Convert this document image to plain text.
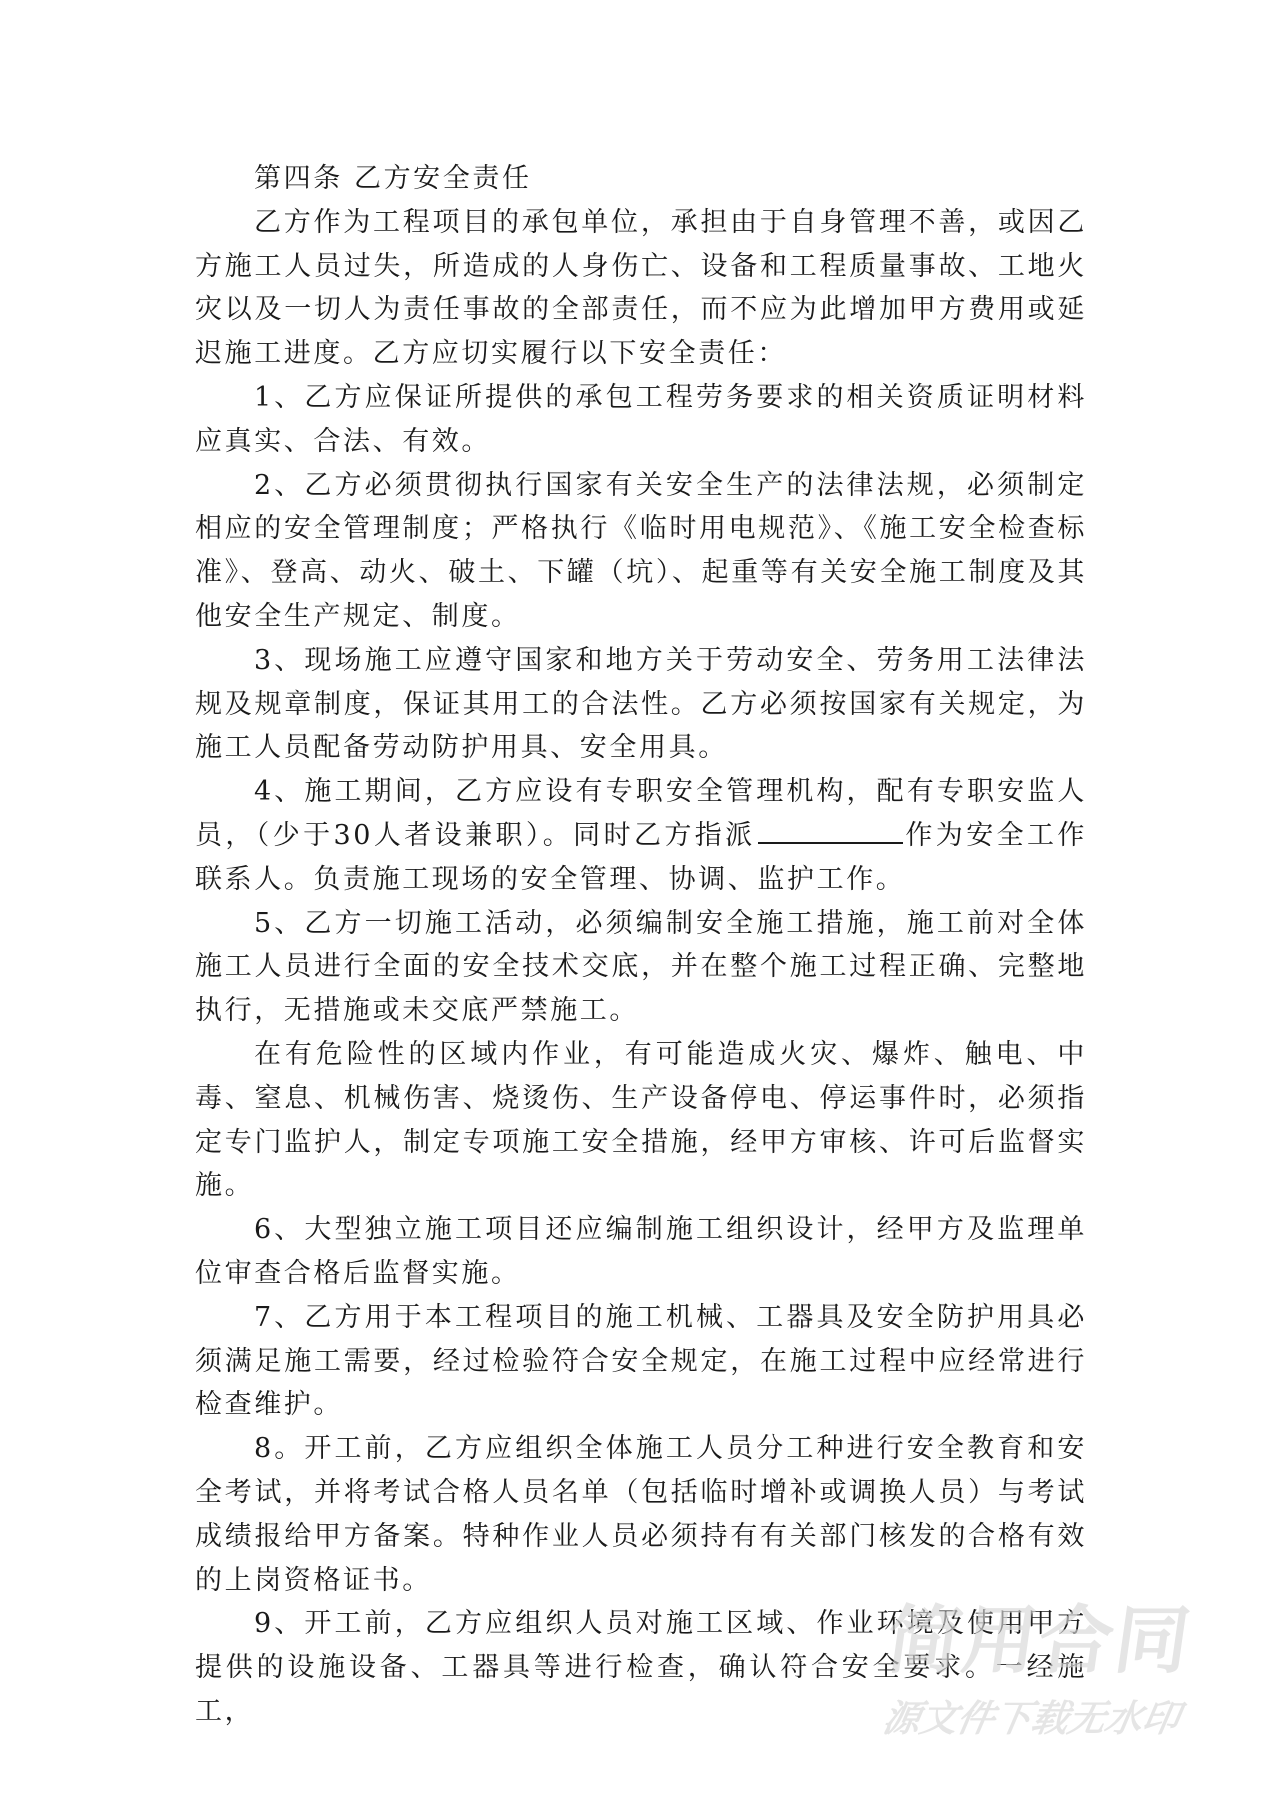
第四条 乙方安全责任

乙方作为工程项目的承包单位，承担由于自身管理不善，或因乙方施工人员过失，所造成的人身伤亡、设备和工程质量事故、工地火灾以及一切人为责任事故的全部责任，而不应为此增加甲方费用或延迟施工进度。乙方应切实履行以下安全责任：

1、乙方应保证所提供的承包工程劳务要求的相关资质证明材料应真实、合法、有效。

2、乙方必须贯彻执行国家有关安全生产的法律法规，必须制定相应的安全管理制度；严格执行《临时用电规范》、《施工安全检查标准》、登高、动火、破土、下罐（坑）、起重等有关安全施工制度及其他安全生产规定、制度。

3、现场施工应遵守国家和地方关于劳动安全、劳务用工法律法规及规章制度，保证其用工的合法性。乙方必须按国家有关规定，为施工人员配备劳动防护用具、安全用具。

4、施工期间，乙方应设有专职安全管理机构，配有专职安监人员，（少于30人者设兼职）。同时乙方指派	作为安全工作联系人。负责施工现场的安全管理、协调、监护工作。

5、乙方一切施工活动，必须编制安全施工措施，施工前对全体施工人员进行全面的安全技术交底，并在整个施工过程正确、完整地执行，无措施或未交底严禁施工。

在有危险性的区域内作业，有可能造成火灾、爆炸、触电、中毒、窒息、机械伤害、烧烫伤、生产设备停电、停运事件时，必须指定专门监护人，制定专项施工安全措施，经甲方审核、许可后监督实施。

6、大型独立施工项目还应编制施工组织设计，经甲方及监理单位审查合格后监督实施。

7、乙方用于本工程项目的施工机械、工器具及安全防护用具必须满足施工需要，经过检验符合安全规定，在施工过程中应经常进行检查维护。

8。开工前，乙方应组织全体施工人员分工种进行安全教育和安全考试，并将考试合格人员名单（包括临时增补或调换人员）与考试成绩报给甲方备案。特种作业人员必须持有有关部门核发的合格有效的上岗资格证书。

9、开工前，乙方应组织人员对施工区域、作业环境及使用甲方提供的设施设备、工器具等进行检查，确认符合安全要求。一经施工，

简用合同
源文件下载无水印
